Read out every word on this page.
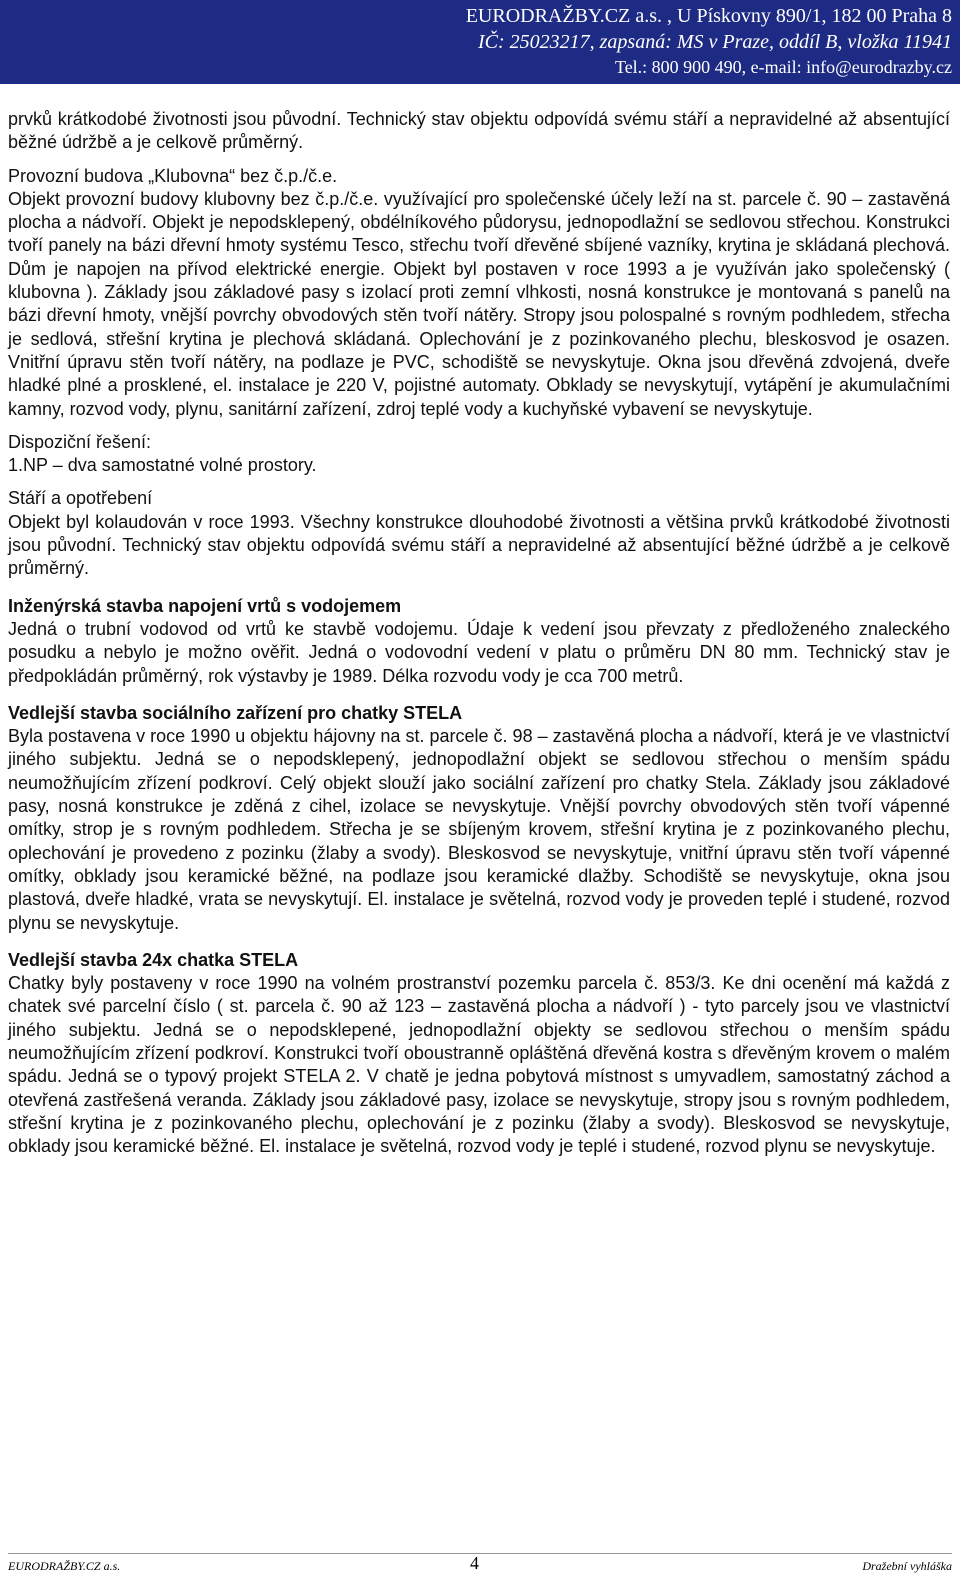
EURODRAŽBY.CZ a.s. , U Pískovny 890/1, 182 00 Praha 8
IČ: 25023217, zapsaná: MS v Praze, oddíl B, vložka 11941
Tel.: 800 900 490, e-mail: info@eurodrazby.cz

prvků krátkodobé životnosti jsou původní. Technický stav objektu odpovídá svému stáří a nepravidelné až absentující běžné údržbě a je celkově průměrný.

Provozní budova „Klubovna“ bez č.p./č.e.

Objekt provozní budovy klubovny bez č.p./č.e. využívající pro společenské účely leží na st. parcele č. 90 – zastavěná plocha a nádvoří. Objekt je nepodsklepený, obdélníkového půdorysu, jednopodlažní se sedlovou střechou. Konstrukci tvoří panely na bázi dřevní hmoty systému Tesco, střechu tvoří dřevěné sbíjené vazníky, krytina je skládaná plechová. Dům je napojen na přívod elektrické energie. Objekt byl postaven v roce 1993 a je využíván jako společenský ( klubovna ). Základy jsou základové pasy s izolací proti zemní vlhkosti, nosná konstrukce je montovaná s panelů na bázi dřevní hmoty, vnější povrchy obvodových stěn tvoří nátěry. Stropy jsou polospalné s rovným podhledem, střecha je sedlová, střešní krytina je plechová skládaná. Oplechování je z pozinkovaného plechu, bleskosvod je osazen. Vnitřní úpravu stěn tvoří nátěry, na podlaze je PVC, schodiště se nevyskytuje. Okna jsou dřevěná zdvojená, dveře hladké plné a prosklené, el. instalace je 220 V, pojistné automaty. Obklady se nevyskytují, vytápění je akumulačními kamny, rozvod vody, plynu, sanitární zařízení, zdroj teplé vody a kuchyňské vybavení se nevyskytuje.

Dispoziční řešení:

1.NP – dva samostatné volné prostory.

Stáří a opotřebení

Objekt byl kolaudován v roce 1993. Všechny konstrukce dlouhodobé životnosti a většina prvků krátkodobé životnosti jsou původní. Technický stav objektu odpovídá svému stáří a nepravidelné až absentující běžné údržbě a je celkově průměrný.

Inženýrská stavba napojení vrtů s vodojemem

Jedná o trubní vodovod od vrtů ke stavbě vodojemu. Údaje k vedení jsou převzaty z předloženého znaleckého posudku a nebylo je možno ověřit. Jedná o vodovodní vedení v platu o průměru DN 80 mm. Technický stav je předpokládán průměrný, rok výstavby je 1989. Délka rozvodu vody je cca 700 metrů.

Vedlejší stavba sociálního zařízení pro chatky STELA

Byla postavena v roce 1990 u objektu hájovny na st. parcele č. 98 – zastavěná plocha a nádvoří, která je ve vlastnictví jiného subjektu. Jedná se o nepodsklepený, jednopodlažní objekt se sedlovou střechou o menším spádu neumožňujícím zřízení podkroví. Celý objekt slouží jako sociální zařízení pro chatky Stela. Základy jsou základové pasy, nosná konstrukce je zděná z cihel, izolace se nevyskytuje. Vnější povrchy obvodových stěn tvoří vápenné omítky, strop je s rovným podhledem. Střecha je se sbíjeným krovem, střešní krytina je z pozinkovaného plechu, oplechování je provedeno z pozinku (žlaby a svody). Bleskosvod se nevyskytuje, vnitřní úpravu stěn tvoří vápenné omítky, obklady jsou keramické běžné, na podlaze jsou keramické dlažby. Schodiště se nevyskytuje, okna jsou plastová, dveře hladké, vrata se nevyskytují. El. instalace je světelná, rozvod vody je proveden teplé i studené, rozvod plynu se nevyskytuje.

Vedlejší stavba 24x chatka STELA

Chatky byly postaveny v roce 1990 na volném prostranství pozemku parcela č. 853/3. Ke dni ocenění má každá z chatek své parcelní číslo ( st. parcela č. 90 až 123 – zastavěná plocha a nádvoří ) - tyto parcely jsou ve vlastnictví jiného subjektu. Jedná se o nepodsklepené, jednopodlažní objekty se sedlovou střechou o menším spádu neumožňujícím zřízení podkroví. Konstrukci tvoří oboustranně opláštěná dřevěná kostra s dřevěným krovem o malém spádu. Jedná se o typový projekt STELA 2. V chatě je jedna pobytová místnost s umyvadlem, samostatný záchod a otevřená zastřešená veranda. Základy jsou základové pasy, izolace se nevyskytuje, stropy jsou s rovným podhledem, střešní krytina je z pozinkovaného plechu, oplechování je z pozinku (žlaby a svody). Bleskosvod se nevyskytuje, obklady jsou keramické běžné. El. instalace je světelná, rozvod vody je teplé i studené, rozvod plynu se nevyskytuje.

EURODRAŽBY.CZ a.s.	4	Dražební vyhláška
